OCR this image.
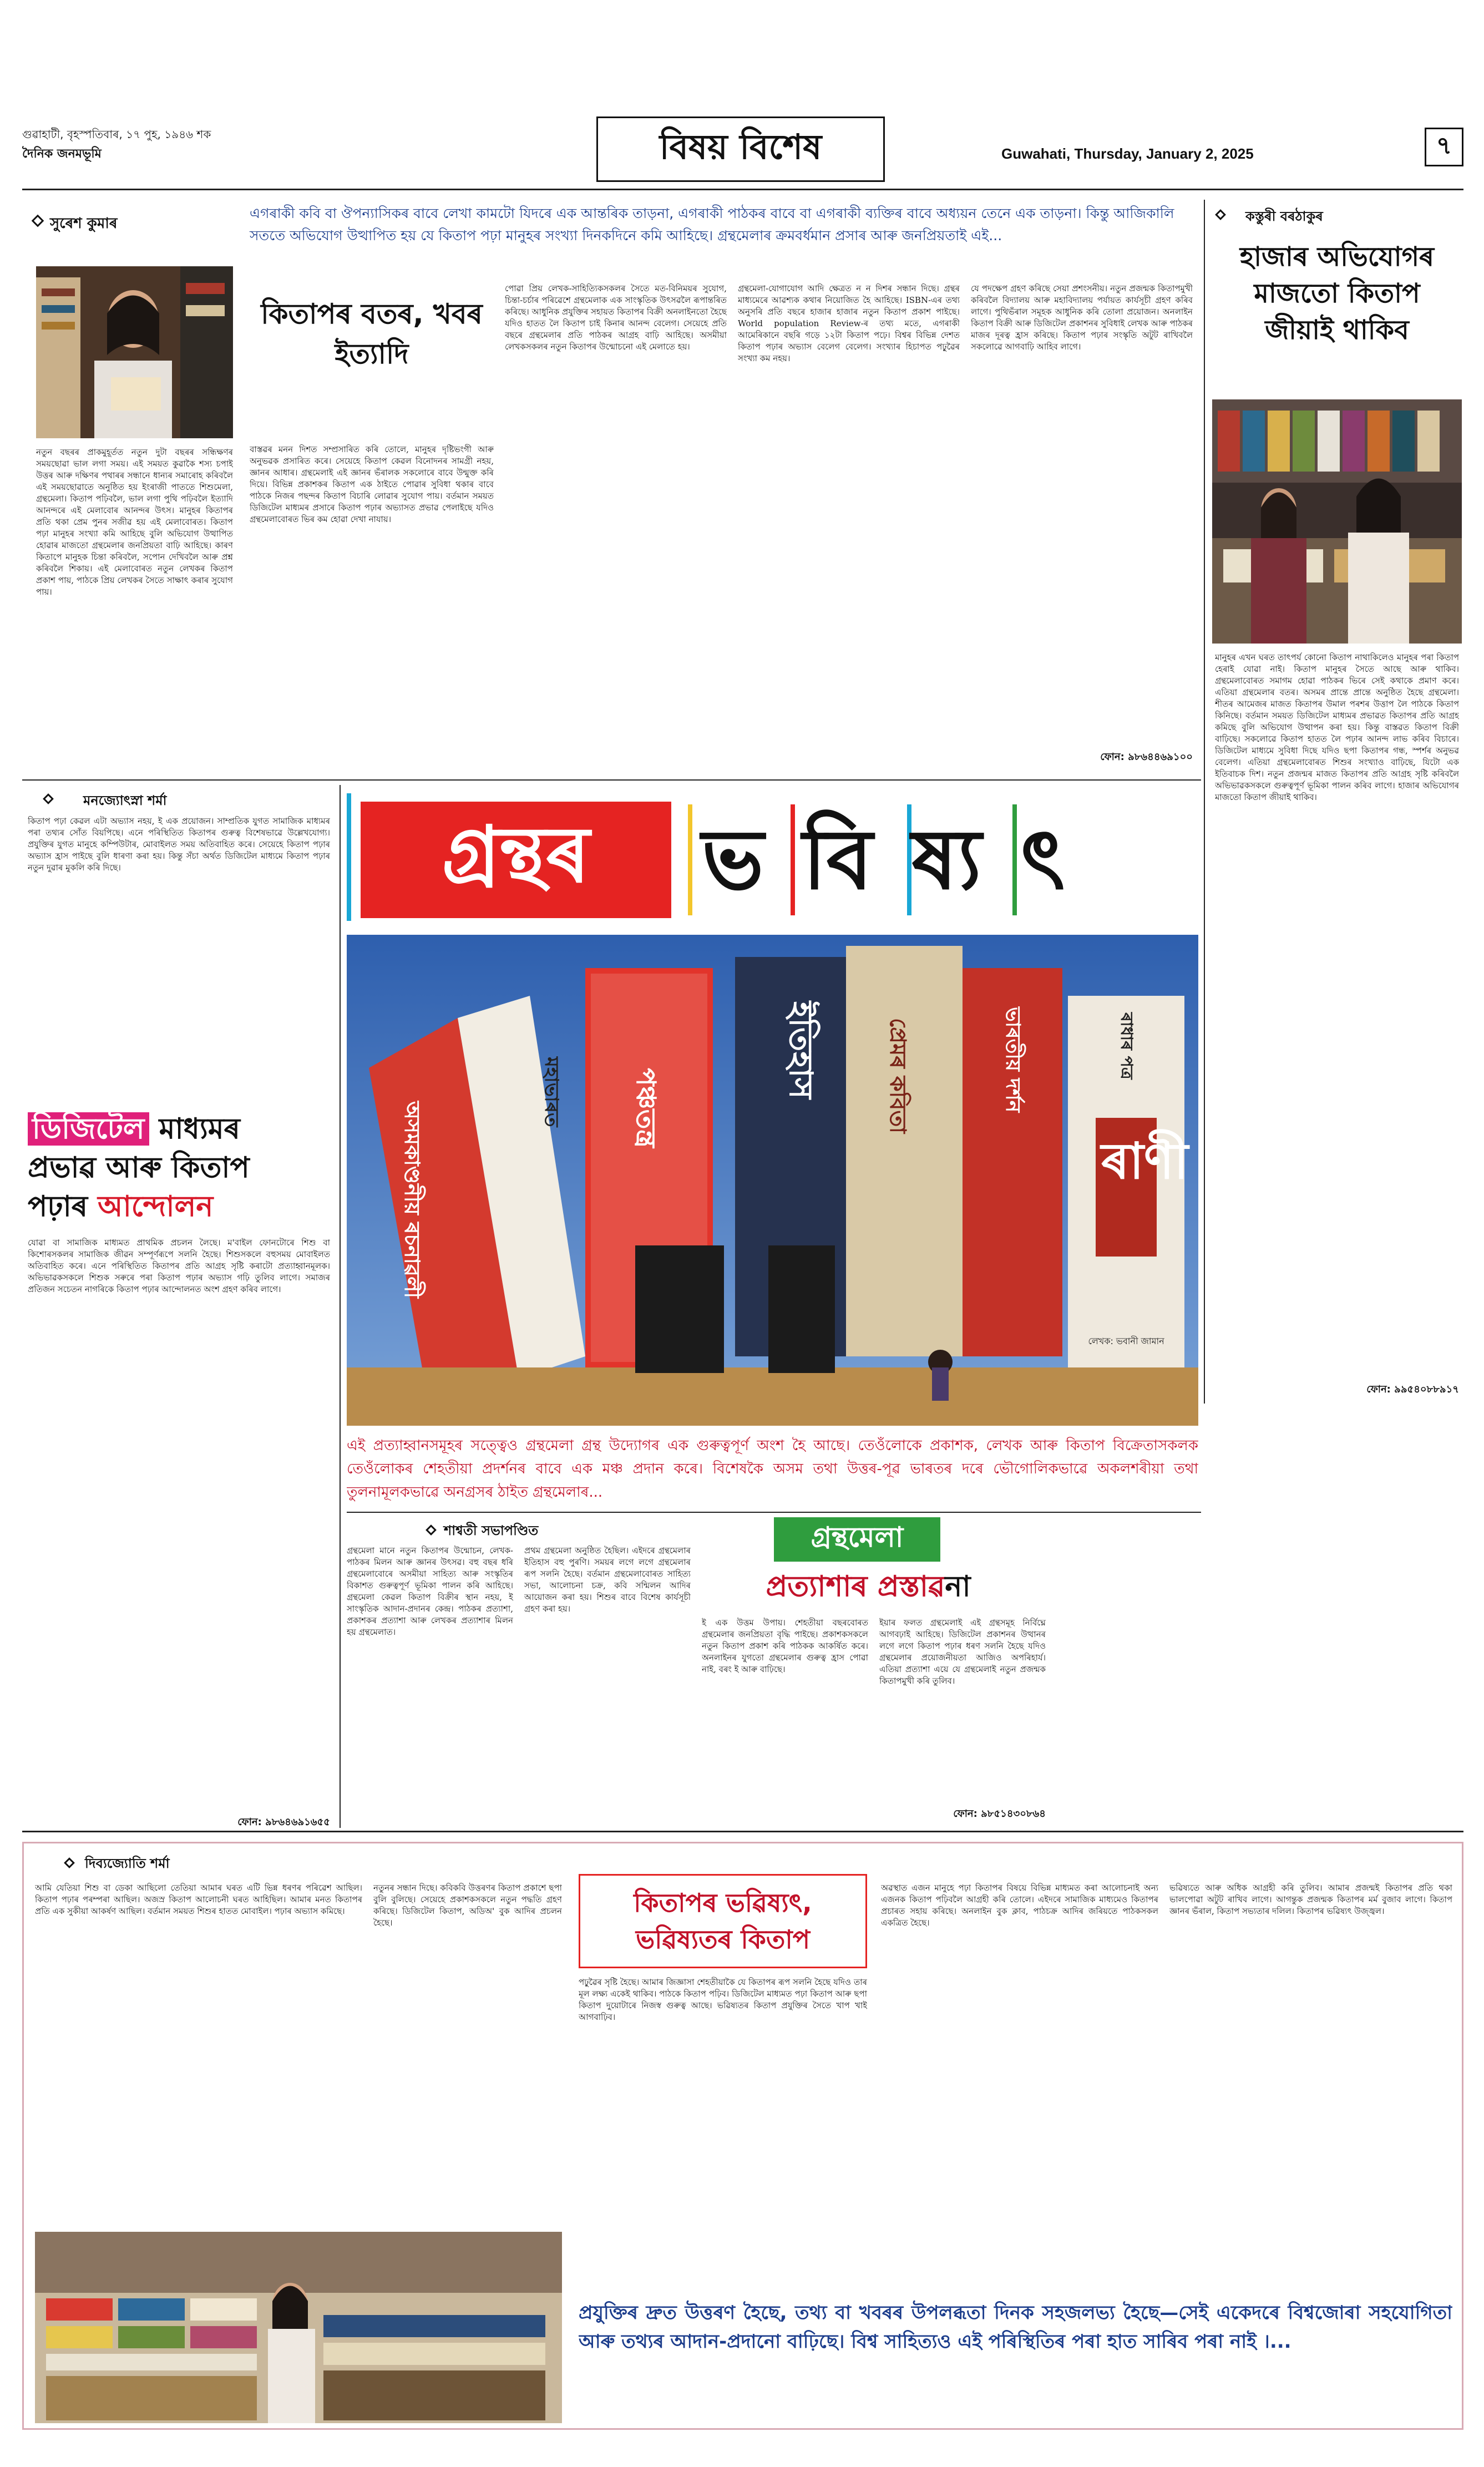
গুৱাহাটী, বৃহস্পতিবাৰ, ১৭ পুহ, ১৯৪৬ শক
দৈনিক জনমভূমি	বিষয় বিশেষ	Guwahati, Thursday, January 2, 2025	৭
সুৰেশ কুমাৰ
এগৰাকী কবি বা ঔপন্যাসিকৰ বাবে লেখা কামটো যিদৰে এক আন্তৰিক তাড়না, এগৰাকী পাঠকৰ বাবে বা এগৰাকী ব্যক্তিৰ বাবে অধ্যয়ন তেনে এক তাড়না। কিন্তু আজিকালি সততে অভিযোগ উত্থাপিত হয় যে কিতাপ পঢ়া মানুহৰ সংখ্যা দিনকদিনে কমি আহিছে। গ্ৰন্থমেলাৰ ক্ৰমবৰ্ধমান প্ৰসাৰ আৰু জনপ্ৰিয়তাই এই...
কিতাপৰ বতৰ, খবৰ ইত্যাদি
নতুন বছৰৰ প্ৰাকমুহূৰ্তত নতুন দুটা বছৰৰ সন্ধিক্ষণৰ সময়ছোৱা ভাল লগা সময়। এই সময়ত কুৱাকৈ শস্য চপাই উত্তৰ আৰু দক্ষিণৰ পথাৰৰ সন্ধানে ধান্যৰ সমাৰোহ কৰিবলৈ এই সময়ছোৱাতে অনুষ্ঠিত হয় ইংৰাজী পাততে শিশুমেলা, গ্ৰন্থমেলা। কিতাপ পঢ়িবলৈ, ভাল লগা পুথি পঢ়িবলৈ ইত্যাদি আনন্দৰে এই মেলাবোৰ আনন্দৰ উৎস। মানুহৰ কিতাপৰ প্ৰতি থকা প্ৰেম পুনৰ সজীৱ হয় এই মেলাবোৰত। কিতাপ পঢ়া মানুহৰ সংখ্যা কমি আহিছে বুলি অভিযোগ উত্থাপিত হোৱাৰ মাজতো গ্ৰন্থমেলাৰ জনপ্ৰিয়তা বাঢ়ি আহিছে। কাৰণ কিতাপে মানুহক চিন্তা কৰিবলৈ, সপোন দেখিবলৈ আৰু প্ৰশ্ন কৰিবলৈ শিকায়। এই মেলাবোৰত নতুন লেখকৰ কিতাপ প্ৰকাশ পায়, পাঠকে প্ৰিয় লেখকৰ সৈতে সাক্ষাৎ কৰাৰ সুযোগ পায়।
বাস্তৱৰ মনন দিশত সম্প্ৰসাৰিত কৰি তোলে, মানুহৰ দৃষ্টিভংগী আৰু অনুভৱক প্ৰসাৰিত কৰে। সেয়েহে কিতাপ কেৱল বিনোদনৰ সামগ্ৰী নহয়, জ্ঞানৰ আধাৰ। গ্ৰন্থমেলাই এই জ্ঞানৰ ভঁৰালক সকলোৰে বাবে উন্মুক্ত কৰি দিয়ে। বিভিন্ন প্ৰকাশকৰ কিতাপ এক ঠাইতে পোৱাৰ সুবিধা থকাৰ বাবে পাঠকে নিজৰ পছন্দৰ কিতাপ বিচাৰি লোৱাৰ সুযোগ পায়। বৰ্তমান সময়ত ডিজিটেল মাধ্যমৰ প্ৰসাৰে কিতাপ পঢ়াৰ অভ্যাসত প্ৰভাৱ পেলাইছে যদিও গ্ৰন্থমেলাবোৰত ভিৰ কম হোৱা দেখা নাযায়।
পোৱা প্ৰিয় লেখক-সাহিত্যিকসকলৰ সৈতে মত-বিনিময়ৰ সুযোগ, চিন্তা-চৰ্চাৰ পৰিৱেশে গ্ৰন্থমেলাক এক সাংস্কৃতিক উৎসৱলৈ ৰূপান্তৰিত কৰিছে। আধুনিক প্ৰযুক্তিৰ সহায়ত কিতাপৰ বিক্ৰী অনলাইনতো হৈছে যদিও হাতত লৈ কিতাপ চাই কিনাৰ আনন্দ বেলেগ। সেয়েহে প্ৰতি বছৰে গ্ৰন্থমেলাৰ প্ৰতি পাঠকৰ আগ্ৰহ বাঢ়ি আহিছে। অসমীয়া লেখকসকলৰ নতুন কিতাপৰ উন্মোচনো এই মেলাতে হয়।
গ্ৰন্থমেলা-যোগাযোগ আদি ক্ষেত্ৰত ন ন দিশৰ সন্ধান দিছে। গ্ৰন্থৰ মাধ্যমেৰে আৱশ্যক কথাৰ নিয়োজিত হৈ আহিছে। ISBN-এৰ তথ্য অনুসৰি প্ৰতি বছৰে হাজাৰ হাজাৰ নতুন কিতাপ প্ৰকাশ পাইছে। World population Review-ৰ তথ্য মতে, এগৰাকী আমেৰিকানে বছৰি গড়ে ১২টা কিতাপ পঢ়ে। বিশ্বৰ বিভিন্ন দেশত কিতাপ পঢ়াৰ অভ্যাস বেলেগ বেলেগ। সংখ্যাৰ হিচাপত পঢ়ুৱৈৰ সংখ্যা কম নহয়।
যে পদক্ষেপ গ্ৰহণ কৰিছে সেয়া প্ৰশংসনীয়। নতুন প্ৰজন্মক কিতাপমুখী কৰিবলৈ বিদ্যালয় আৰু মহাবিদ্যালয় পৰ্যায়ত কাৰ্যসূচী গ্ৰহণ কৰিব লাগে। পুথিভঁৰাল সমূহক আধুনিক কৰি তোলা প্ৰয়োজন। অনলাইন কিতাপ বিক্ৰী আৰু ডিজিটেল প্ৰকাশনৰ সুবিধাই লেখক আৰু পাঠকৰ মাজৰ দূৰত্ব হ্ৰাস কৰিছে। কিতাপ পঢ়াৰ সংস্কৃতি অটুট ৰাখিবলৈ সকলোৱে আগবাঢ়ি আহিব লাগে।
ফোন: ৯৮৬৪৪৬৯১০০
কস্তুৰী বৰঠাকুৰ
হাজাৰ অভিযোগৰ মাজতো কিতাপ জীয়াই থাকিব
মানুহৰ এখন ঘৰত তাৎপৰ্য কোনো কিতাপ নাথাকিলেও মানুহৰ পৰা কিতাপ হেৰাই যোৱা নাই। কিতাপ মানুহৰ সৈতে আছে আৰু থাকিব। গ্ৰন্থমেলাবোৰত সমাগম হোৱা পাঠকৰ ভিৰে সেই কথাকে প্ৰমাণ কৰে। এতিয়া গ্ৰন্থমেলাৰ বতৰ। অসমৰ প্ৰান্তে প্ৰান্তে অনুষ্ঠিত হৈছে গ্ৰন্থমেলা। শীতৰ আমেজৰ মাজত কিতাপৰ উমাল পৰশৰ উত্তাপ লৈ পাঠকে কিতাপ কিনিছে। বৰ্তমান সময়ত ডিজিটেল মাধ্যমৰ প্ৰভাৱত কিতাপৰ প্ৰতি আগ্ৰহ কমিছে বুলি অভিযোগ উত্থাপন কৰা হয়। কিন্তু বাস্তৱত কিতাপ বিক্ৰী বাঢ়িছে। সকলোৱে কিতাপ হাতত লৈ পঢ়াৰ আনন্দ লাভ কৰিব বিচাৰে। ডিজিটেল মাধ্যমে সুবিধা দিছে যদিও ছপা কিতাপৰ গন্ধ, স্পৰ্শৰ অনুভৱ বেলেগ। এতিয়া গ্ৰন্থমেলাবোৰত শিশুৰ সংখ্যাও বাঢ়িছে, যিটো এক ইতিবাচক দিশ। নতুন প্ৰজন্মৰ মাজত কিতাপৰ প্ৰতি আগ্ৰহ সৃষ্টি কৰিবলৈ অভিভাৱকসকলে গুৰুত্বপূৰ্ণ ভূমিকা পালন কৰিব লাগে। হাজাৰ অভিযোগৰ মাজতো কিতাপ জীয়াই থাকিব।
ফোন: ৯৯৫৪০৮৮৯১৭
মনজ্যোৎস্না শৰ্মা
কিতাপ পঢ়া কেৱল এটা অভ্যাস নহয়, ই এক প্ৰয়োজন। সাম্প্ৰতিক যুগত সামাজিক মাধ্যমৰ পৰা তথ্যৰ সোঁত বিয়পিছে। এনে পৰিস্থিতিত কিতাপৰ গুৰুত্ব বিশেষভাৱে উল্লেখযোগ্য। প্ৰযুক্তিৰ যুগত মানুহে কম্পিউটাৰ, মোবাইলত সময় অতিবাহিত কৰে। সেয়েহে কিতাপ পঢ়াৰ অভ্যাস হ্ৰাস পাইছে বুলি ধাৰণা কৰা হয়। কিন্তু সঁচা অৰ্থত ডিজিটেল মাধ্যমে কিতাপ পঢ়াৰ নতুন দুৱাৰ মুকলি কৰি দিছে।
ডিজিটেল মাধ্যমৰ
প্ৰভাৱ আৰু কিতাপ
পঢ়াৰ আন্দোলন
যোৱা বা সামাজিক মাধ্যমত প্ৰাথমিক প্ৰচলন লৈছে। ম'বাইল ফোনটোৰে শিশু বা কিশোৰসকলৰ সামাজিক জীৱন সম্পূৰ্ণৰূপে সলনি হৈছে। শিশুসকলে বহুসময় মোবাইলত অতিবাহিত কৰে। এনে পৰিস্থিতিত কিতাপৰ প্ৰতি আগ্ৰহ সৃষ্টি কৰাটো প্ৰত্যাহ্বানমূলক। অভিভাৱকসকলে শিশুক সৰুৰে পৰা কিতাপ পঢ়াৰ অভ্যাস গঢ়ি তুলিব লাগে। সমাজৰ প্ৰতিজন সচেতন নাগৰিকে কিতাপ পঢ়াৰ আন্দোলনত অংশ গ্ৰহণ কৰিব লাগে।
ফোন: ৯৮৬৪৬৯১৬৫৫
গ্ৰন্থৰ ভবিষ্যৎ
অসমকাণ্ডনীয় ৰচনাৱলী	পঞ্চতন্ত্ৰ
মহাভাৰত	ইতিহাস	প্ৰেমৰ কবিতা	ভাৰতীয় দৰ্শন
ৰাণী
ৰাধাৰ পত্ৰ
লেখক: ভবানী জামান
এই প্ৰত্যাহ্বানসমূহৰ সত্ত্বেও গ্ৰন্থমেলা গ্ৰন্থ উদ্যোগৰ এক গুৰুত্বপূৰ্ণ অংশ হৈ আছে। তেওঁলোকে প্ৰকাশক, লেখক আৰু কিতাপ বিক্ৰেতাসকলক তেওঁলোকৰ শেহতীয়া প্ৰদৰ্শনৰ বাবে এক মঞ্চ প্ৰদান কৰে। বিশেষকৈ অসম তথা উত্তৰ-পূৱ ভাৰতৰ দৰে ভৌগোলিকভাৱে অকলশৰীয়া তথা তুলনামূলকভাৱে অনগ্ৰসৰ ঠাইত গ্ৰন্থমেলাৰ...
শাশ্বতী সভাপণ্ডিত	গ্ৰন্থমেলা
প্ৰত্যাশাৰ প্ৰস্তাৱনা
গ্ৰন্থমেলা মানে নতুন কিতাপৰ উন্মোচন, লেখক-পাঠকৰ মিলন আৰু জ্ঞানৰ উৎসৱ। বহু বছৰ ধৰি গ্ৰন্থমেলাবোৰে অসমীয়া সাহিত্য আৰু সংস্কৃতিৰ বিকাশত গুৰুত্বপূৰ্ণ ভূমিকা পালন কৰি আহিছে। গ্ৰন্থমেলা কেৱল কিতাপ বিক্ৰীৰ স্থান নহয়, ই সাংস্কৃতিক আদান-প্ৰদানৰ কেন্দ্ৰ। পাঠকৰ প্ৰত্যাশা, প্ৰকাশকৰ প্ৰত্যাশা আৰু লেখকৰ প্ৰত্যাশাৰ মিলন হয় গ্ৰন্থমেলাত।
প্ৰথম গ্ৰন্থমেলা অনুষ্ঠিত হৈছিল। এইদৰে গ্ৰন্থমেলাৰ ইতিহাস বহু পুৰণি। সময়ৰ লগে লগে গ্ৰন্থমেলাৰ ৰূপ সলনি হৈছে। বৰ্তমান গ্ৰন্থমেলাবোৰত সাহিত্য সভা, আলোচনা চক্ৰ, কবি সন্মিলন আদিৰ আয়োজন কৰা হয়। শিশুৰ বাবে বিশেষ কাৰ্যসূচী গ্ৰহণ কৰা হয়।
ই এক উত্তম উপায়। শেহতীয়া বছৰবোৰত গ্ৰন্থমেলাৰ জনপ্ৰিয়তা বৃদ্ধি পাইছে। প্ৰকাশকসকলে নতুন কিতাপ প্ৰকাশ কৰি পাঠকক আকৰ্ষিত কৰে। অনলাইনৰ যুগতো গ্ৰন্থমেলাৰ গুৰুত্ব হ্ৰাস পোৱা নাই, বৰং ই আৰু বাঢ়িছে।
ইয়াৰ ফলত গ্ৰন্থমেলাই এই গ্ৰন্থসমূহ নিৰ্বিঘ্নে আগবঢ়াই আহিছে। ডিজিটেল প্ৰকাশনৰ উত্থানৰ লগে লগে কিতাপ পঢ়াৰ ধৰণ সলনি হৈছে যদিও গ্ৰন্থমেলাৰ প্ৰয়োজনীয়তা আজিও অপৰিহাৰ্য। এতিয়া প্ৰত্যাশা এয়ে যে গ্ৰন্থমেলাই নতুন প্ৰজন্মক কিতাপমুখী কৰি তুলিব।
ফোন: ৯৮৫১৪৩০৮৬৪
দিব্যজ্যোতি শৰ্মা
আমি যেতিয়া শিশু বা ডেকা আছিলো তেতিয়া আমাৰ ঘৰত এটি ভিন্ন ধৰণৰ পৰিৱেশ আছিল। কিতাপ পঢ়াৰ পৰম্পৰা আছিল। অজস্ৰ কিতাপ আলোচনী ঘৰত আহিছিল। আমাৰ মনত কিতাপৰ প্ৰতি এক সুকীয়া আকৰ্ষণ আছিল। বৰ্তমান সময়ত শিশুৰ হাতত মোবাইল। পঢ়াৰ অভ্যাস কমিছে।
নতুনৰ সন্ধান দিছে। কবিকবি উত্তৰণৰ কিতাপ প্ৰকাশে ছপা বুলি বুলিছে। সেয়েহে প্ৰকাশকসকলে নতুন পদ্ধতি গ্ৰহণ কৰিছে। ডিজিটেল কিতাপ, অডিঅ' বুক আদিৰ প্ৰচলন হৈছে।
কিতাপৰ ভৱিষ্যৎ,
ভৱিষ্যতৰ কিতাপ
পঢ়ুৱৈৰ সৃষ্টি হৈছে। আমাৰ জিজ্ঞাসা শেহতীয়াকৈ যে কিতাপৰ ৰূপ সলনি হৈছে যদিও তাৰ মূল লক্ষ্য একেই থাকিব। পাঠকে কিতাপ পঢ়িব। ডিজিটেল মাধ্যমত পঢ়া কিতাপ আৰু ছপা কিতাপ দুয়োটাৰে নিজস্ব গুৰুত্ব আছে। ভৱিষ্যতৰ কিতাপ প্ৰযুক্তিৰ সৈতে খাপ খাই আগবাঢ়িব।
অৱস্থাত এজন মানুহে পঢ়া কিতাপৰ বিষয়ে বিভিন্ন মাধ্যমত কৰা আলোচনাই অন্য এজনক কিতাপ পঢ়িবলৈ আগ্ৰহী কৰি তোলে। এইদৰে সামাজিক মাধ্যমেও কিতাপৰ প্ৰচাৰত সহায় কৰিছে। অনলাইন বুক ক্লাব, পাঠচক্ৰ আদিৰ জৰিয়তে পাঠকসকল একত্ৰিত হৈছে।
ভৱিষ্যতে আৰু অধিক আগ্ৰহী কৰি তুলিব। আমাৰ প্ৰজন্মই কিতাপৰ প্ৰতি থকা ভালপোৱা অটুট ৰাখিব লাগে। আগন্তুক প্ৰজন্মক কিতাপৰ মৰ্ম বুজাব লাগে। কিতাপ জ্ঞানৰ ভঁৰাল, কিতাপ সভ্যতাৰ দলিল। কিতাপৰ ভৱিষ্যৎ উজ্জ্বল।
প্ৰযুক্তিৰ দ্ৰুত উত্তৰণ হৈছে, তথ্য বা খবৰৰ উপলব্ধতা দিনক সহজলভ্য হৈছে—সেই একেদৰে বিশ্বজোৰা সহযোগিতা আৰু তথ্যৰ আদান-প্ৰদানো বাঢ়িছে। বিশ্ব সাহিত্যও এই পৰিস্থিতিৰ পৰা হাত সাৰিব পৰা নাই ।...
